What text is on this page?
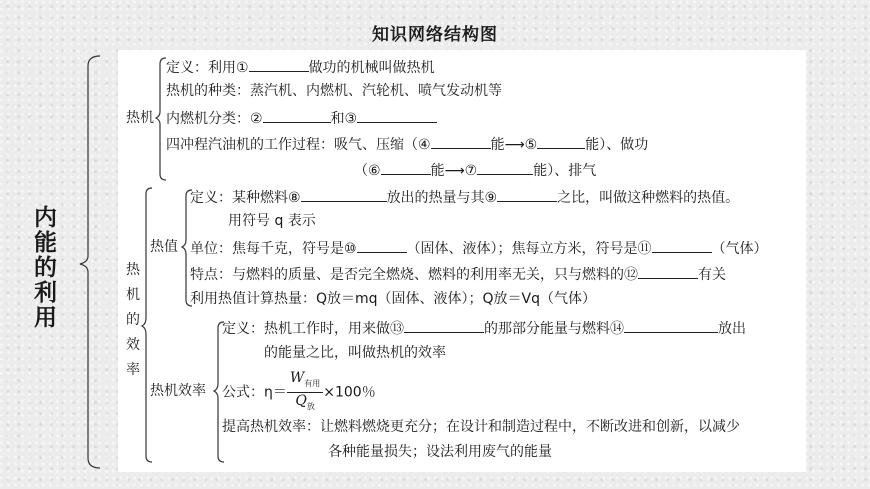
知识网络结构图
内
能
的
利
用
热机
定义：利用①	做功的机械叫做热机
热机的种类：蒸汽机、内燃机、汽轮机、喷气发动机等
内燃机分类：②	和③
四冲程汽油机的工作过程：吸气、压缩（④	能⟶⑤	能）、做功
（⑥	能⟶⑦	能）、排气
热
机
的
效
率
热值
定义：某种燃料⑧	放出的热量与其⑨	之比，叫做这种燃料的热值。
用符号 q 表示
单位：焦每千克，符号是⑩	（固体、液体）；焦每立方米，符号是⑪	（气体）
特点：与燃料的质量、是否完全燃烧、燃料的利用率无关，只与燃料的⑫	有关
利用热值计算热量：Q放＝mq（固体、液体）；Q放＝Vq（气体）
热机效率
定义：热机工作时，用来做⑬	的那部分能量与燃料⑭	放出
的能量之比，叫做热机的效率
公式：$\eta= \frac{W_{有用}}{Q_放} \times 100$％
提高热机效率：让燃料燃烧更充分；在设计和制造过程中，不断改进和创新，以减少
各种能量损失；设法利用废气的能量
